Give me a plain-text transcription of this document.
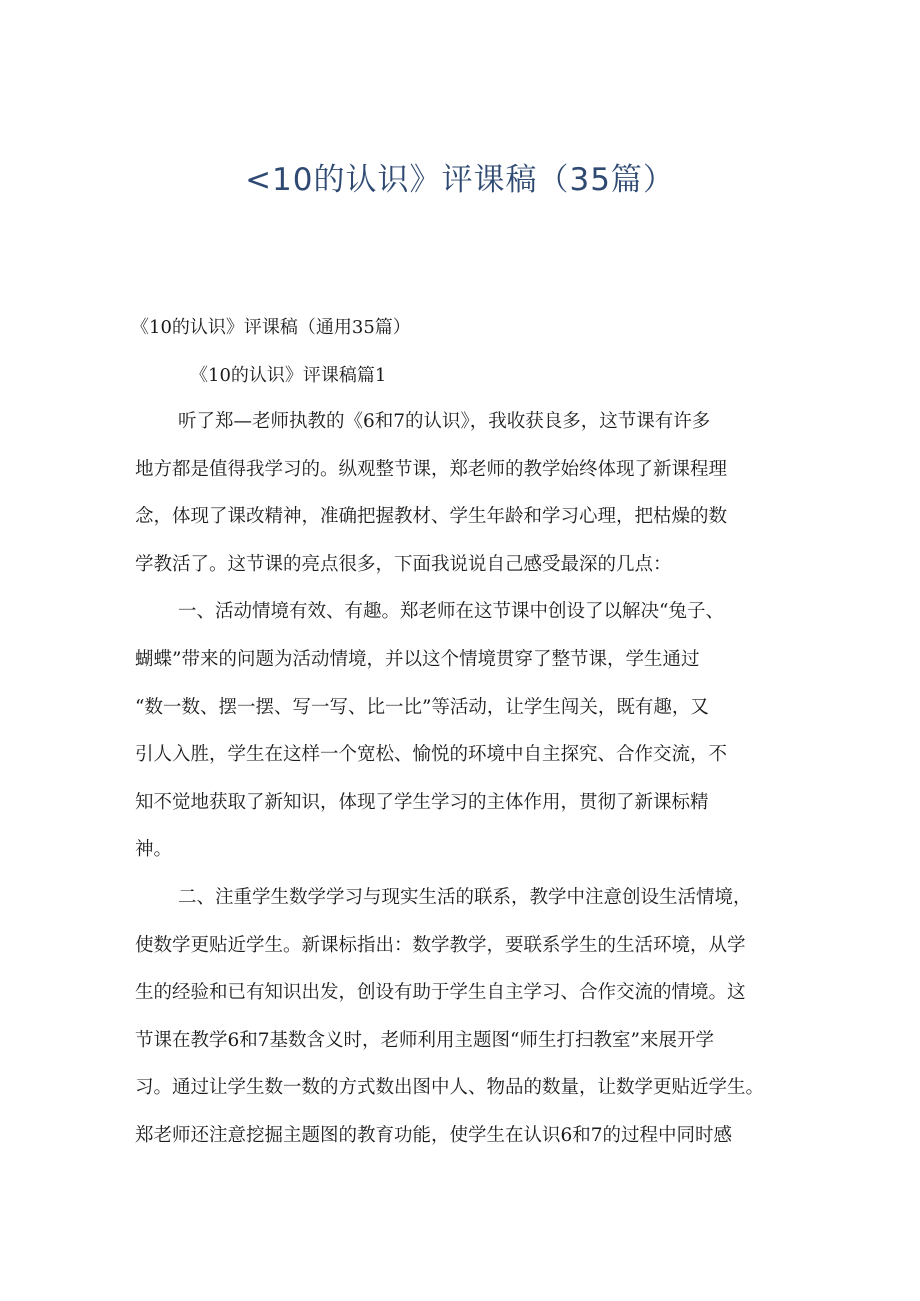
<10的认识》评课稿（35篇）
《10的认识》评课稿（通用35篇）
《10的认识》评课稿篇1
听了郑—老师执教的《6和7的认识》，我收获良多，这节课有许多
地方都是值得我学习的。纵观整节课，郑老师的教学始终体现了新课程理
念，体现了课改精神，准确把握教材、学生年龄和学习心理，把枯燥的数
学教活了。这节课的亮点很多，下面我说说自己感受最深的几点：
一、活动情境有效、有趣。郑老师在这节课中创设了以解决“兔子、
蝴蝶”带来的问题为活动情境，并以这个情境贯穿了整节课，学生通过
“数一数、摆一摆、写一写、比一比”等活动，让学生闯关，既有趣，又
引人入胜，学生在这样一个宽松、愉悦的环境中自主探究、合作交流，不
知不觉地获取了新知识，体现了学生学习的主体作用，贯彻了新课标精
神。
二、注重学生数学学习与现实生活的联系，教学中注意创设生活情境，
使数学更贴近学生。新课标指出：数学教学，要联系学生的生活环境，从学
生的经验和已有知识出发，创设有助于学生自主学习、合作交流的情境。这
节课在教学6和7基数含义时，老师利用主题图“师生打扫教室”来展开学
习。通过让学生数一数的方式数出图中人、物品的数量，让数学更贴近学生。
郑老师还注意挖掘主题图的教育功能，使学生在认识6和7的过程中同时感
